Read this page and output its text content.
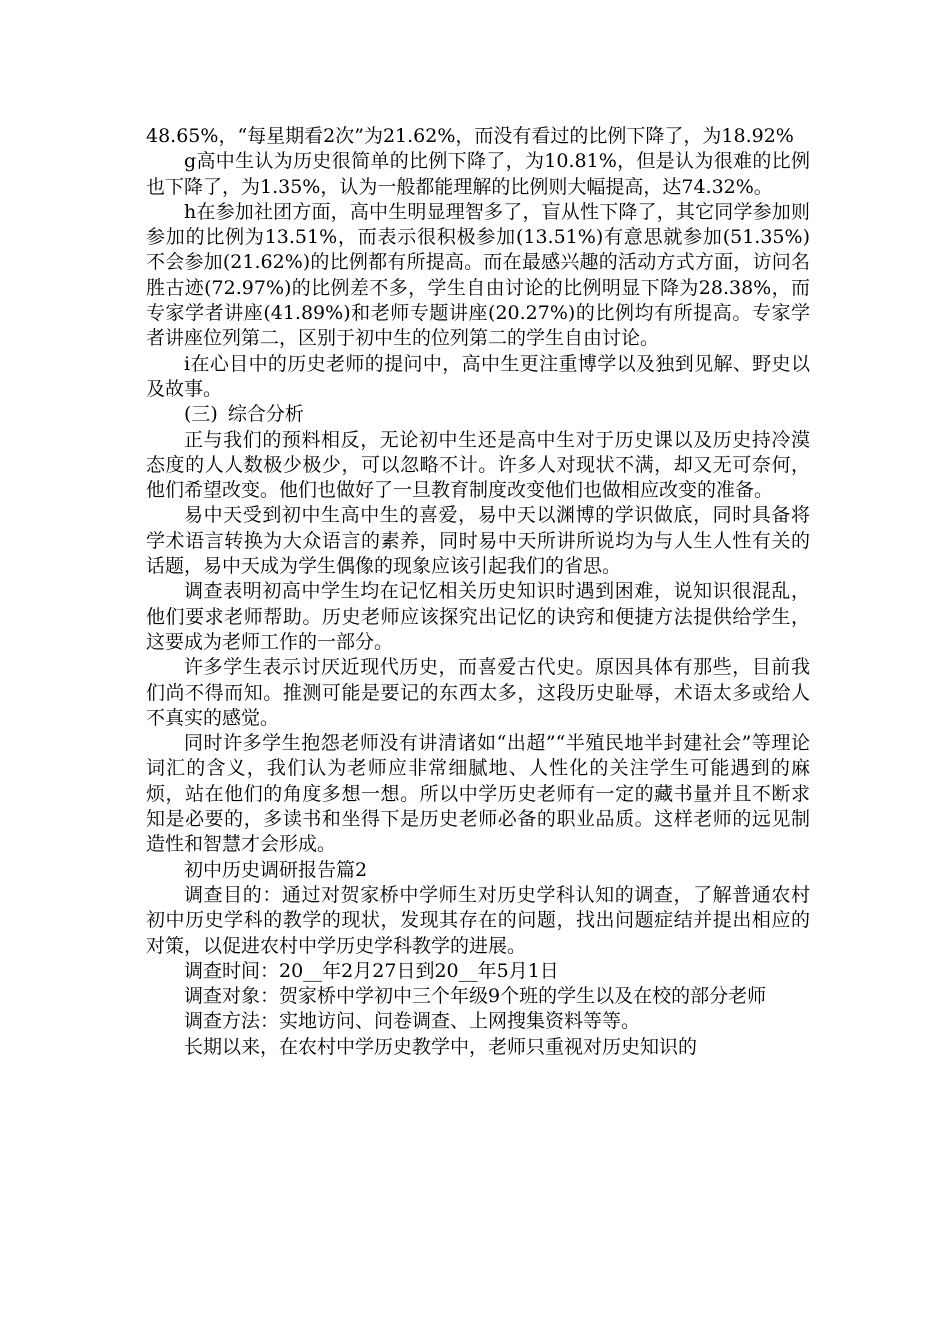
48.65%，“每星期看2次”为21.62%，而没有看过的比例下降了，为18.92%

g高中生认为历史很简单的比例下降了，为10.81%，但是认为很难的比例也下降了，为1.35%，认为一般都能理解的比例则大幅提高，达74.32%。

h在参加社团方面，高中生明显理智多了，盲从性下降了，其它同学参加则参加的比例为13.51%，而表示很积极参加(13.51%)有意思就参加(51.35%)不会参加(21.62%)的比例都有所提高。而在最感兴趣的活动方式方面，访问名胜古迹(72.97%)的比例差不多，学生自由讨论的比例明显下降为28.38%，而专家学者讲座(41.89%)和老师专题讲座(20.27%)的比例均有所提高。专家学者讲座位列第二，区别于初中生的位列第二的学生自由讨论。

i在心目中的历史老师的提问中，高中生更注重博学以及独到见解、野史以及故事。

(三) 综合分析

正与我们的预料相反，无论初中生还是高中生对于历史课以及历史持冷漠态度的人人数极少极少，可以忽略不计。许多人对现状不满，却又无可奈何，他们希望改变。他们也做好了一旦教育制度改变他们也做相应改变的准备。

易中天受到初中生高中生的喜爱，易中天以渊博的学识做底，同时具备将学术语言转换为大众语言的素养，同时易中天所讲所说均为与人生人性有关的话题，易中天成为学生偶像的现象应该引起我们的省思。

调查表明初高中学生均在记忆相关历史知识时遇到困难，说知识很混乱，他们要求老师帮助。历史老师应该探究出记忆的诀窍和便捷方法提供给学生，这要成为老师工作的一部分。

许多学生表示讨厌近现代历史，而喜爱古代史。原因具体有那些，目前我们尚不得而知。推测可能是要记的东西太多，这段历史耻辱，术语太多或给人不真实的感觉。

同时许多学生抱怨老师没有讲清诸如“出超”“半殖民地半封建社会”等理论词汇的含义，我们认为老师应非常细腻地、人性化的关注学生可能遇到的麻烦，站在他们的角度多想一想。所以中学历史老师有一定的藏书量并且不断求知是必要的，多读书和坐得下是历史老师必备的职业品质。这样老师的远见制造性和智慧才会形成。

初中历史调研报告篇2

调查目的：通过对贺家桥中学师生对历史学科认知的调查，了解普通农村初中历史学科的教学的现状，发现其存在的问题，找出问题症结并提出相应的对策，以促进农村中学历史学科教学的进展。

调查时间：20__年2月27日到20__年5月1日

调查对象：贺家桥中学初中三个年级9个班的学生以及在校的部分老师

调查方法：实地访问、问卷调查、上网搜集资料等等。

长期以来，在农村中学历史教学中，老师只重视对历史知识的
